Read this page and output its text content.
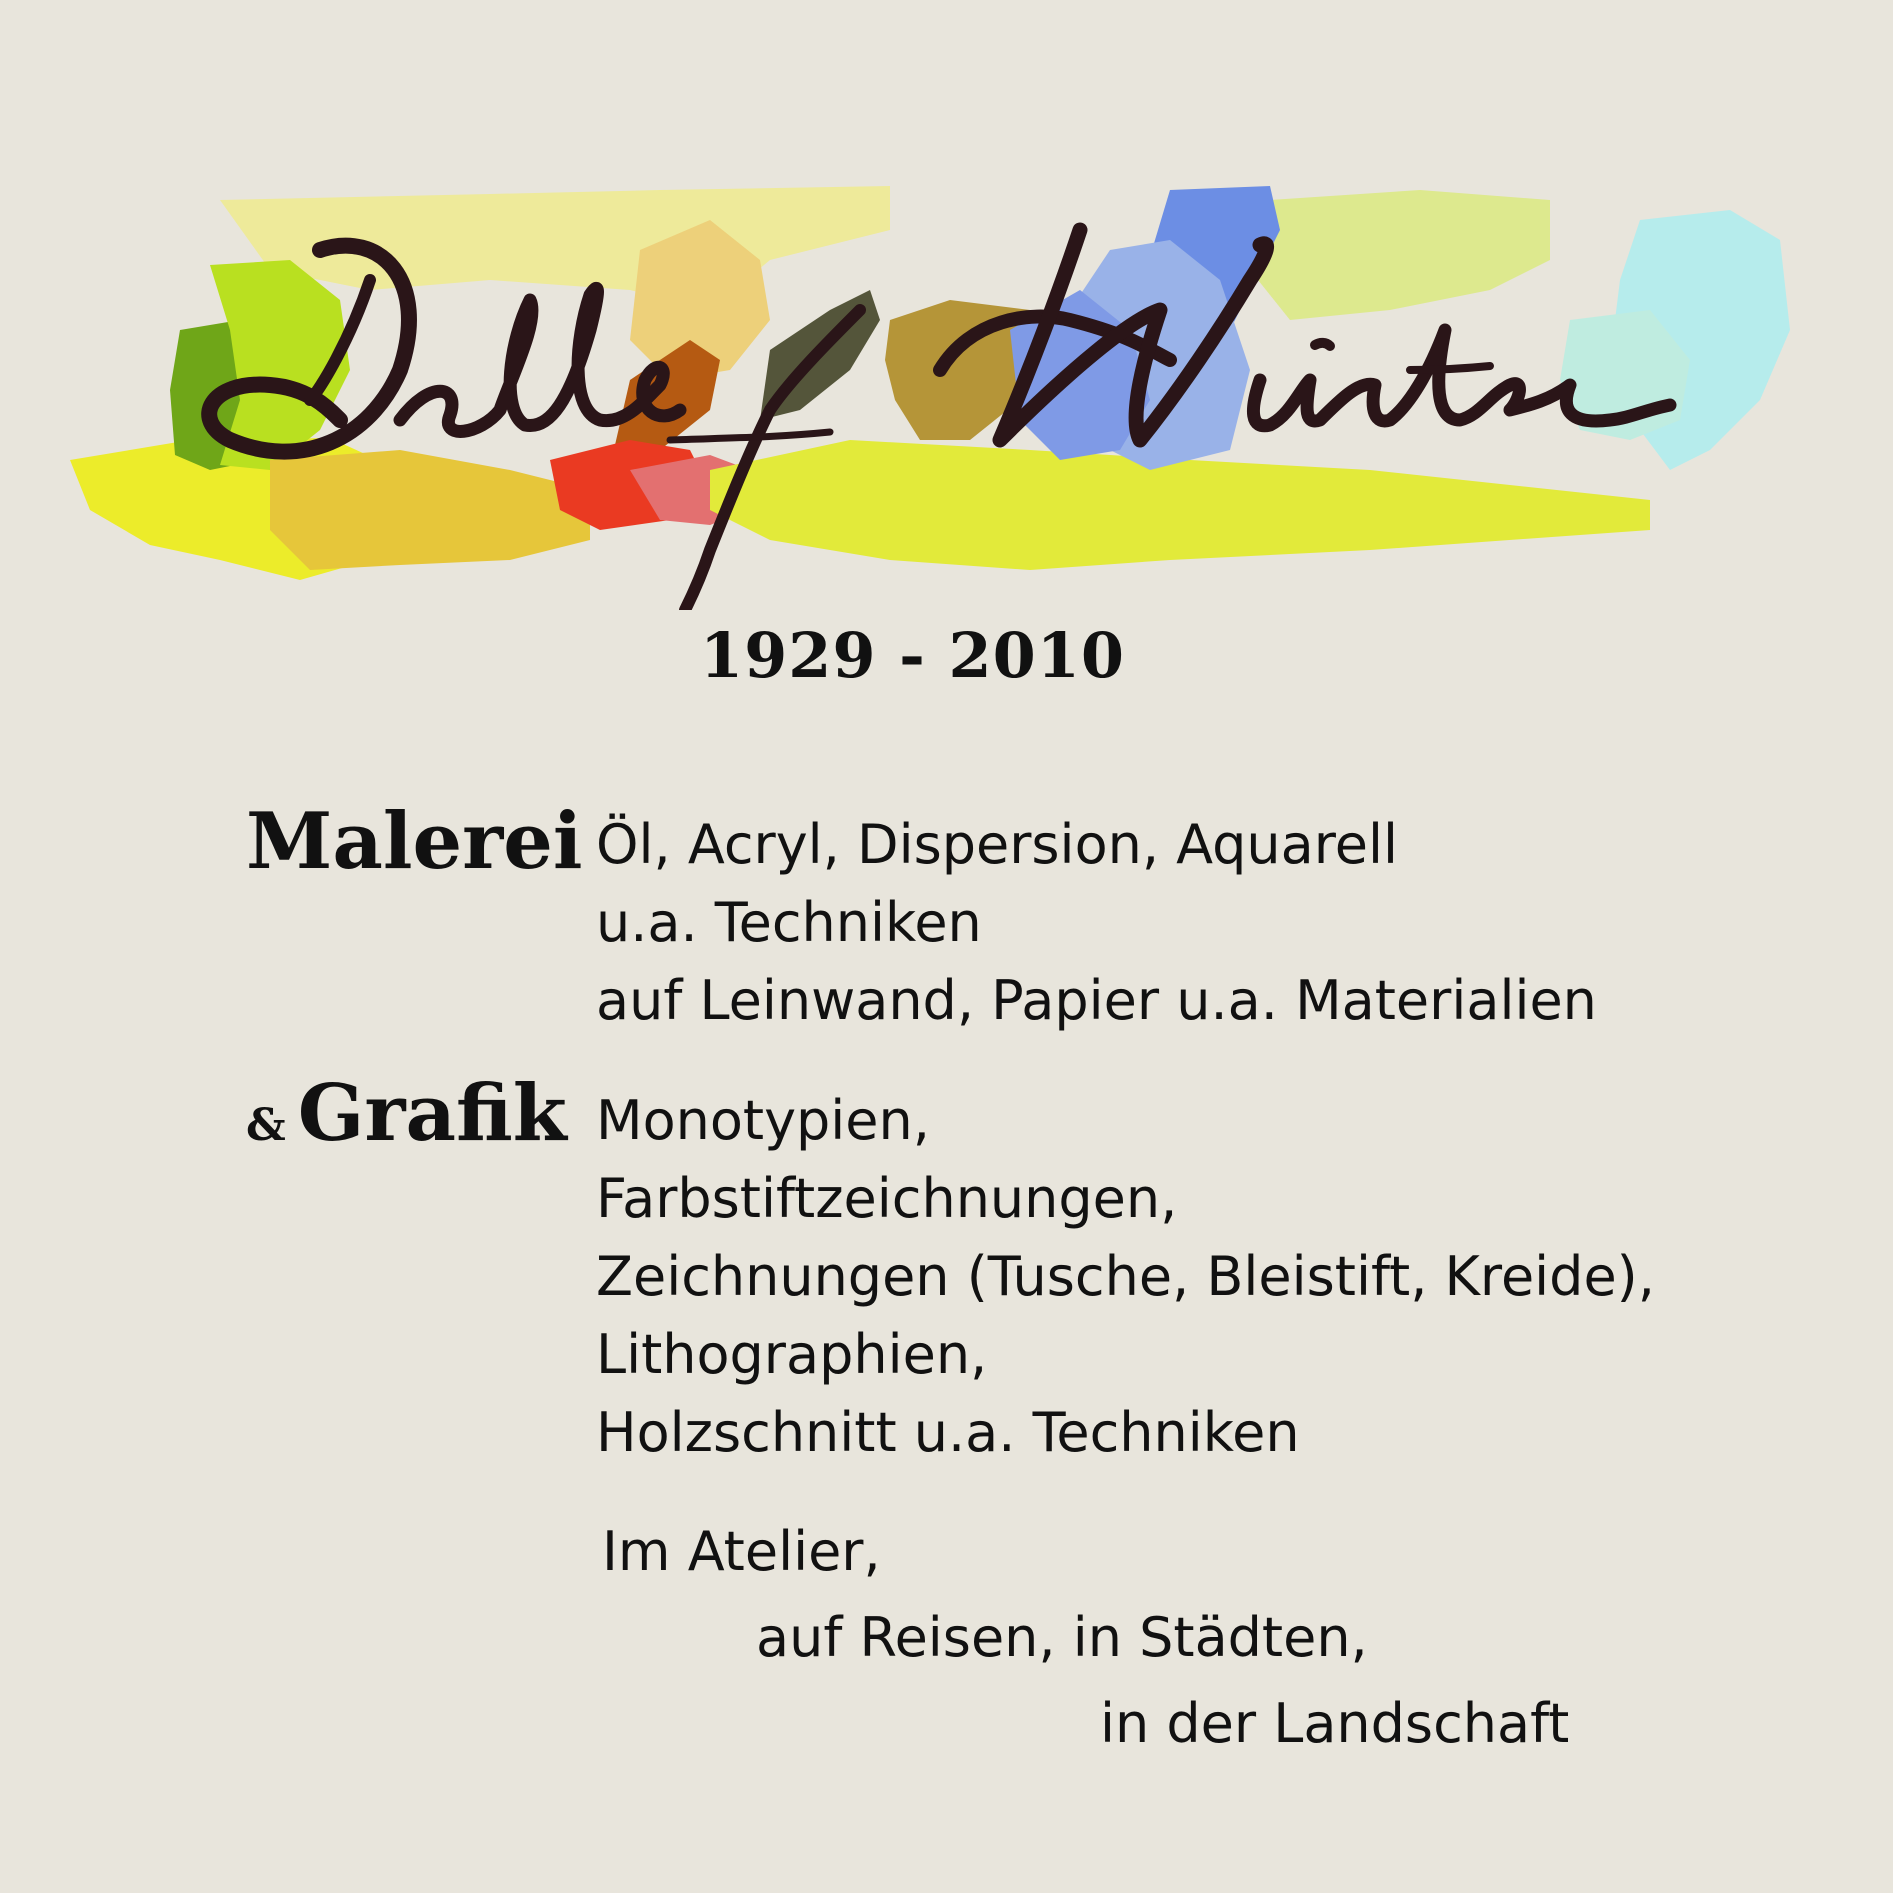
1929 - 2010
Malerei Öl, Acryl, Dispersion, Aquarell
u.a. Techniken
auf Leinwand, Papier u.a. Materialien
& Grafik Monotypien,
Farbstiftzeichnungen,
Zeichnungen (Tusche, Bleistift, Kreide),
Lithographien,
Holzschnitt u.a. Techniken
Im Atelier,
auf Reisen, in Städten,
in der Landschaft
